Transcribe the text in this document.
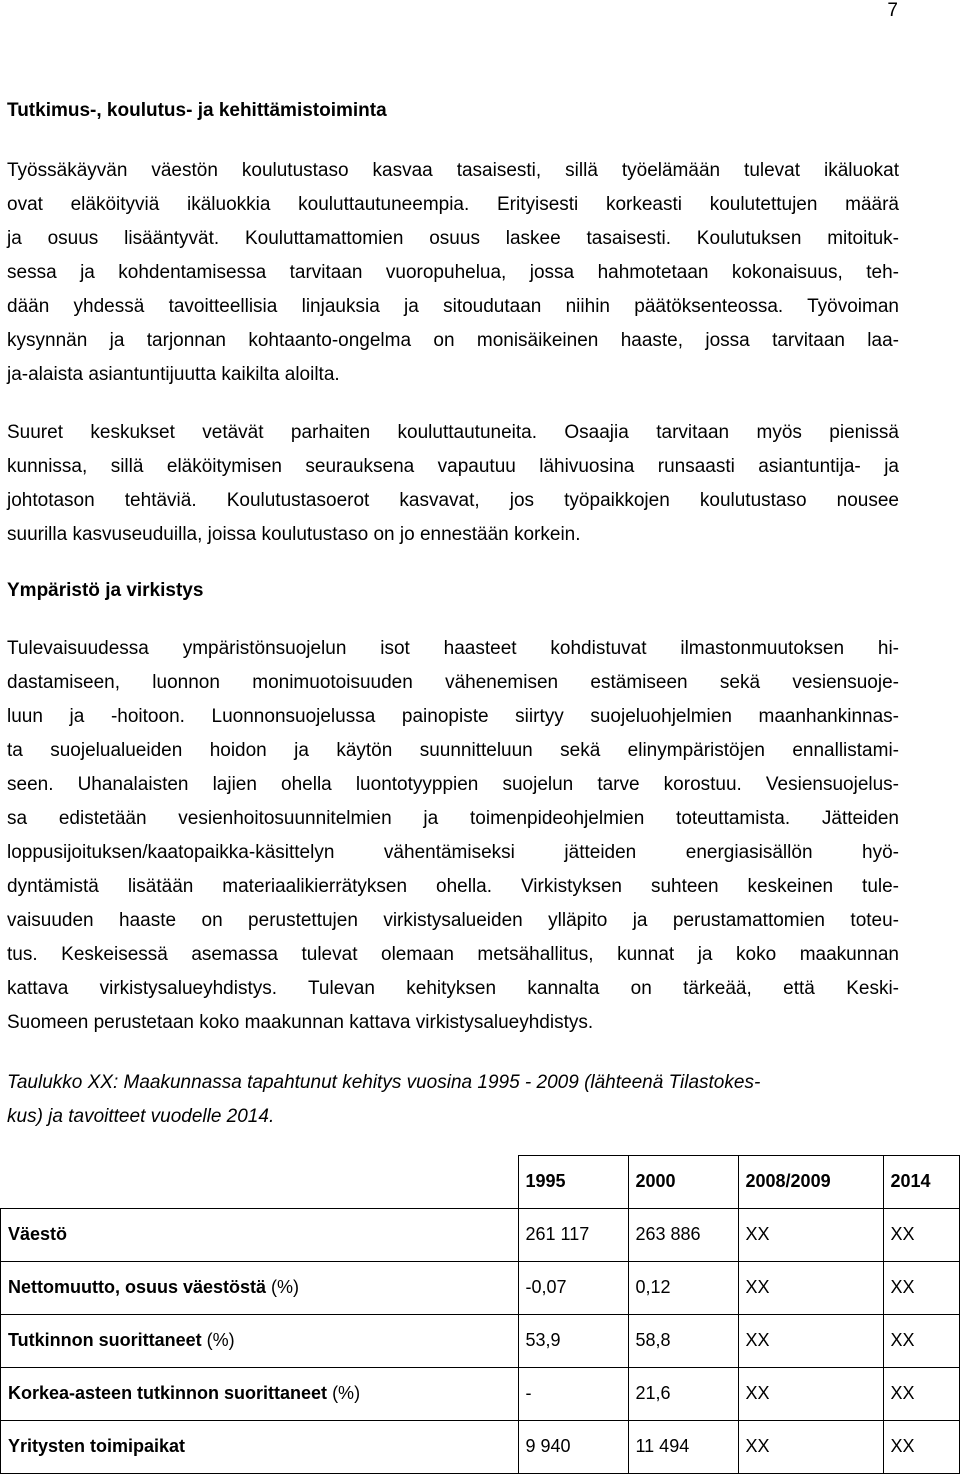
7
Tutkimus-, koulutus- ja kehittämistoiminta

Työssäkäyvän väestön koulutustaso kasvaa tasaisesti, sillä työelämään tulevat ikäluokat
ovat eläköityviä ikäluokkia kouluttautuneempia. Erityisesti korkeasti koulutettujen määrä
ja osuus lisääntyvät. Kouluttamattomien osuus laskee tasaisesti. Koulutuksen mitoituk-
sessa ja kohdentamisessa tarvitaan vuoropuhelua, jossa hahmotetaan kokonaisuus, teh-
dään yhdessä tavoitteellisia linjauksia ja sitoudutaan niihin päätöksenteossa. Työvoiman
kysynnän ja tarjonnan kohtaanto-ongelma on monisäikeinen haaste, jossa tarvitaan laa-
ja-alaista asiantuntijuutta kaikilta aloilta.

Suuret keskukset vetävät parhaiten kouluttautuneita. Osaajia tarvitaan myös pienissä
kunnissa, sillä eläköitymisen seurauksena vapautuu lähivuosina runsaasti asiantuntija- ja
johtotason tehtäviä. Koulutustasoerot kasvavat, jos työpaikkojen koulutustaso nousee
suurilla kasvuseuduilla, joissa koulutustaso on jo ennestään korkein.

Ympäristö ja virkistys

Tulevaisuudessa ympäristönsuojelun isot haasteet kohdistuvat ilmastonmuutoksen hi-
dastamiseen, luonnon monimuotoisuuden vähenemisen estämiseen sekä vesiensuoje-
luun ja -hoitoon. Luonnonsuojelussa painopiste siirtyy suojeluohjelmien maanhankinnas-
ta suojelualueiden hoidon ja käytön suunnitteluun sekä elinympäristöjen ennallistami-
seen. Uhanalaisten lajien ohella luontotyyppien suojelun tarve korostuu. Vesiensuojelus-
sa edistetään vesienhoitosuunnitelmien ja toimenpideohjelmien toteuttamista. Jätteiden
loppusijoituksen/kaatopaikka-käsittelyn vähentämiseksi jätteiden energiasisällön hyö-
dyntämistä lisätään materiaalikierrätyksen ohella. Virkistyksen suhteen keskeinen tule-
vaisuuden haaste on perustettujen virkistysalueiden ylläpito ja perustamattomien toteu-
tus. Keskeisessä asemassa tulevat olemaan metsähallitus, kunnat ja koko maakunnan
kattava virkistysalueyhdistys. Tulevan kehityksen kannalta on tärkeää, että Keski-
Suomeen perustetaan koko maakunnan kattava virkistysalueyhdistys.

Taulukko XX: Maakunnassa tapahtunut kehitys vuosina 1995 - 2009 (lähteenä Tilastokes-
kus) ja tavoitteet vuodelle 2014.

	1995	2000	2008/2009	2014
Väestö	261 117	263 886	XX	XX
Nettomuutto, osuus väestöstä (%)	-0,07	0,12	XX	XX
Tutkinnon suorittaneet (%)	53,9	58,8	XX	XX
Korkea-asteen tutkinnon suorittaneet (%)	-	21,6	XX	XX
Yritysten toimipaikat	9 940	11 494	XX	XX
